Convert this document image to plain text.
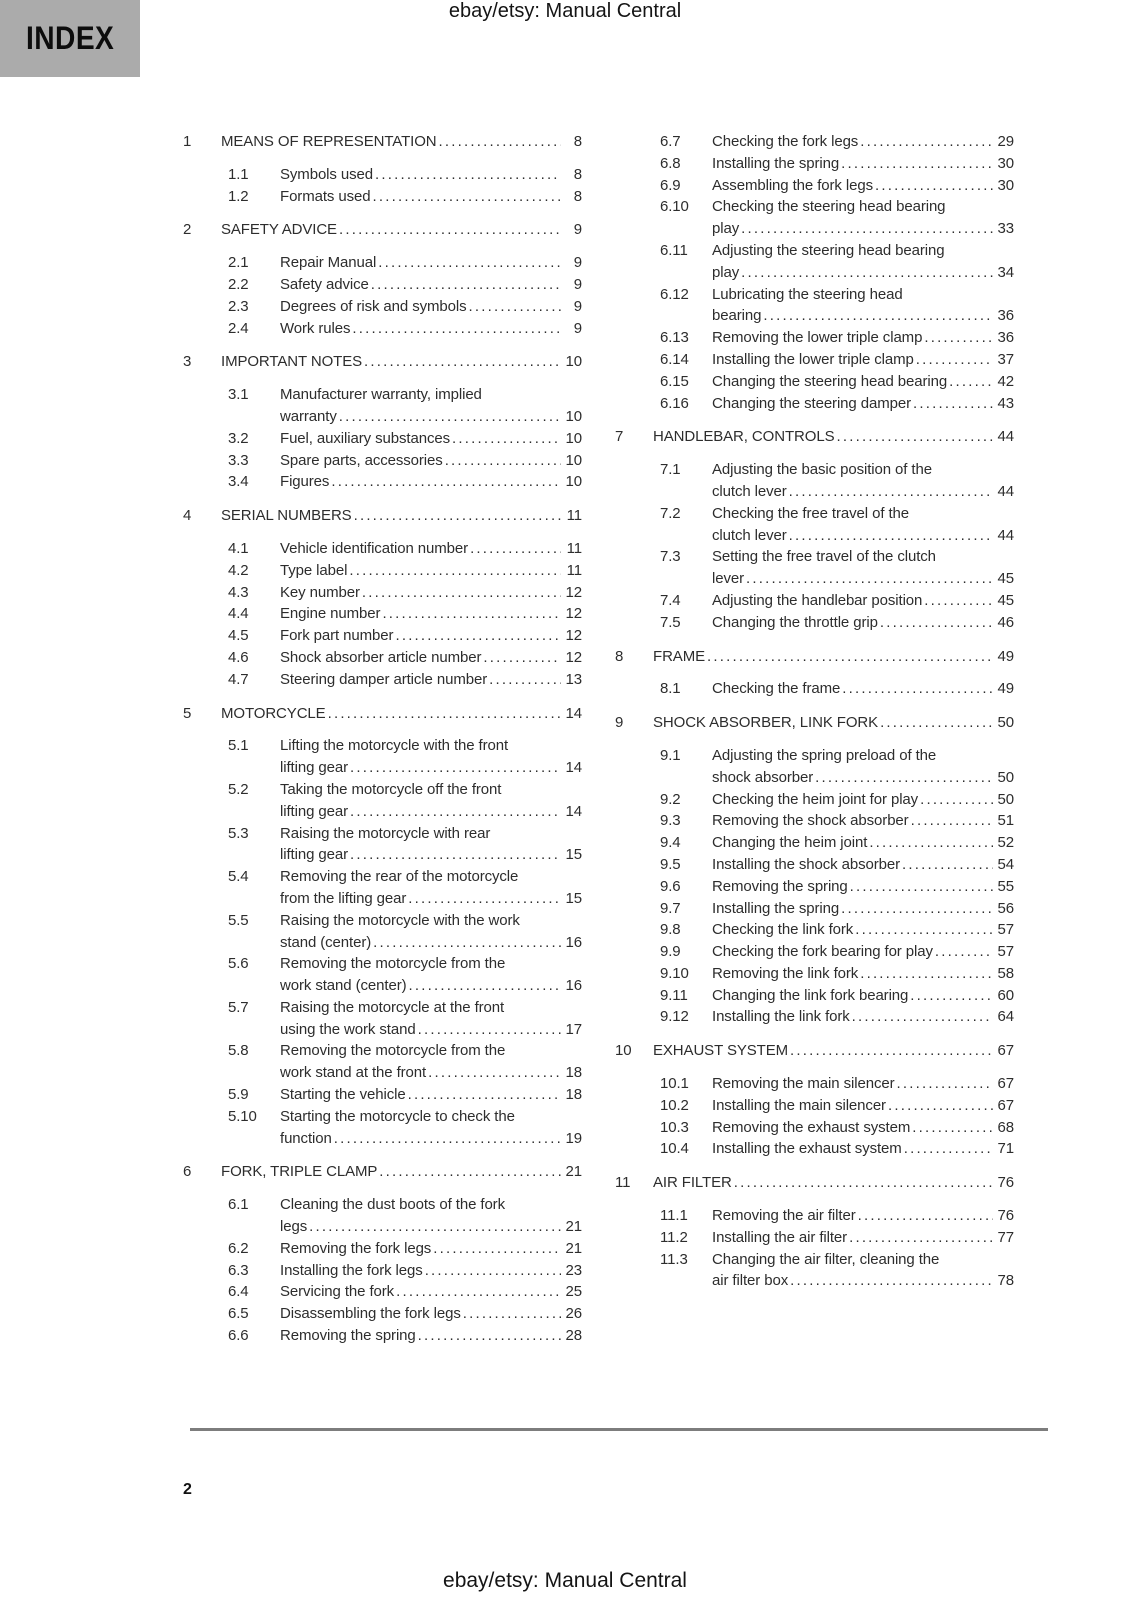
ebay/etsy: Manual Central
INDEX
1	MEANS OF REPRESENTATION .....	8
1.1	Symbols used .....	8
1.2	Formats used .....	8
2	SAFETY ADVICE .....	9
2.1	Repair Manual .....	9
2.2	Safety advice .....	9
2.3	Degrees of risk and symbols .....	9
2.4	Work rules .....	9
3	IMPORTANT NOTES .....	10
3.1	Manufacturer warranty, implied
warranty .....	10
3.2	Fuel, auxiliary substances .....	10
3.3	Spare parts, accessories .....	10
3.4	Figures .....	10
4	SERIAL NUMBERS .....	11
4.1	Vehicle identification number .....	11
4.2	Type label .....	11
4.3	Key number .....	12
4.4	Engine number .....	12
4.5	Fork part number .....	12
4.6	Shock absorber article number .....	12
4.7	Steering damper article number .....	13
5	MOTORCYCLE .....	14
5.1	Lifting the motorcycle with the front
lifting gear .....	14
5.2	Taking the motorcycle off the front
lifting gear .....	14
5.3	Raising the motorcycle with rear
lifting gear .....	15
5.4	Removing the rear of the motorcycle
from the lifting gear .....	15
5.5	Raising the motorcycle with the work
stand (center) .....	16
5.6	Removing the motorcycle from the
work stand (center) .....	16
5.7	Raising the motorcycle at the front
using the work stand .....	17
5.8	Removing the motorcycle from the
work stand at the front .....	18
5.9	Starting the vehicle .....	18
5.10	Starting the motorcycle to check the
function .....	19
6	FORK, TRIPLE CLAMP .....	21
6.1	Cleaning the dust boots of the fork
legs .....	21
6.2	Removing the fork legs .....	21
6.3	Installing the fork legs .....	23
6.4	Servicing the fork .....	25
6.5	Disassembling the fork legs .....	26
6.6	Removing the spring .....	28
6.7	Checking the fork legs .....	29
6.8	Installing the spring .....	30
6.9	Assembling the fork legs .....	30
6.10	Checking the steering head bearing
play .....	33
6.11	Adjusting the steering head bearing
play .....	34
6.12	Lubricating the steering head
bearing .....	36
6.13	Removing the lower triple clamp .....	36
6.14	Installing the lower triple clamp .....	37
6.15	Changing the steering head bearing .....	42
6.16	Changing the steering damper .....	43
7	HANDLEBAR, CONTROLS .....	44
7.1	Adjusting the basic position of the
clutch lever .....	44
7.2	Checking the free travel of the
clutch lever .....	44
7.3	Setting the free travel of the clutch
lever .....	45
7.4	Adjusting the handlebar position .....	45
7.5	Changing the throttle grip .....	46
8	FRAME .....	49
8.1	Checking the frame .....	49
9	SHOCK ABSORBER, LINK FORK .....	50
9.1	Adjusting the spring preload of the
shock absorber .....	50
9.2	Checking the heim joint for play .....	50
9.3	Removing the shock absorber .....	51
9.4	Changing the heim joint .....	52
9.5	Installing the shock absorber .....	54
9.6	Removing the spring .....	55
9.7	Installing the spring .....	56
9.8	Checking the link fork .....	57
9.9	Checking the fork bearing for play .....	57
9.10	Removing the link fork .....	58
9.11	Changing the link fork bearing .....	60
9.12	Installing the link fork .....	64
10	EXHAUST SYSTEM .....	67
10.1	Removing the main silencer .....	67
10.2	Installing the main silencer .....	67
10.3	Removing the exhaust system .....	68
10.4	Installing the exhaust system .....	71
11	AIR FILTER .....	76
11.1	Removing the air filter .....	76
11.2	Installing the air filter .....	77
11.3	Changing the air filter, cleaning the
air filter box .....	78
2
ebay/etsy: Manual Central
